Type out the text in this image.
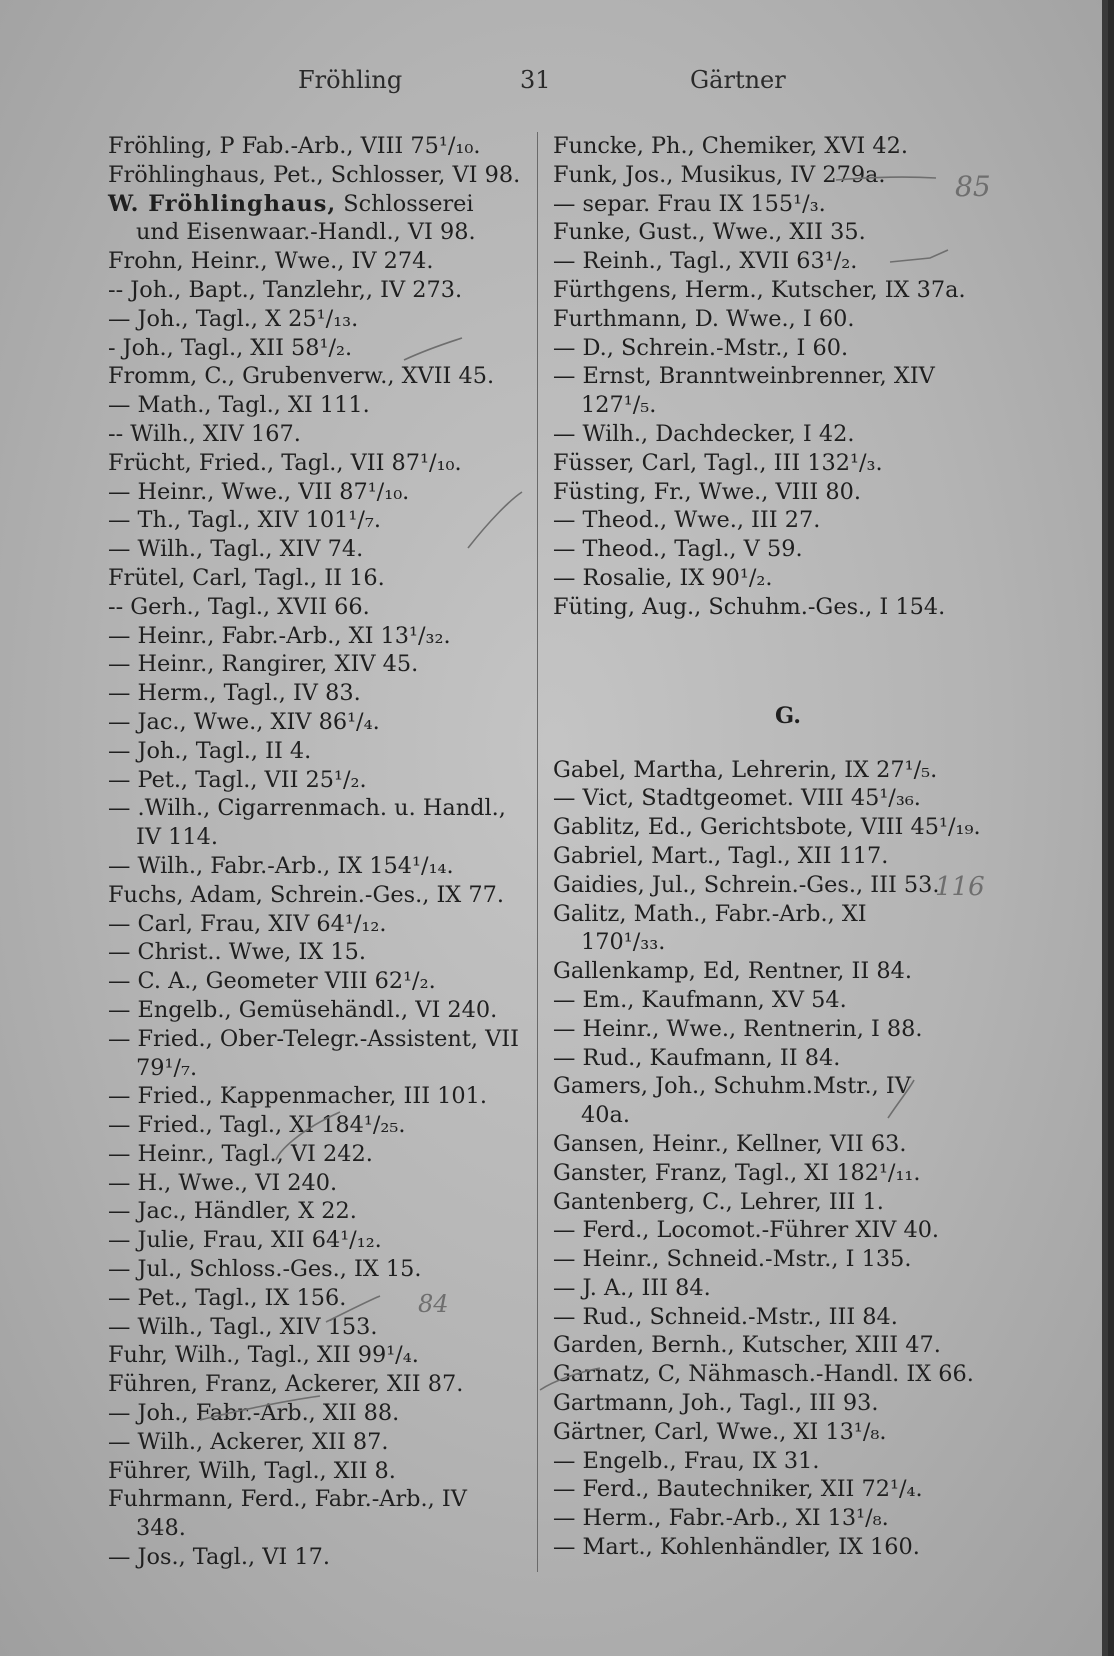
Fröhling	31	Gärtner
Fröhling, P Fab.-Arb., VIII 75¹/₁₀.
Fröhlinghaus, Pet., Schlosser, VI 98.
W. Fröhlinghaus, Schlosserei
und Eisenwaar.-Handl., VI 98.
Frohn, Heinr., Wwe., IV 274.
-- Joh., Bapt., Tanzlehr,, IV 273.
— Joh., Tagl., X 25¹/₁₃.
- Joh., Tagl., XII 58¹/₂.
Fromm, C., Grubenverw., XVII 45.
— Math., Tagl., XI 111.
-- Wilh., XIV 167.
Frücht, Fried., Tagl., VII 87¹/₁₀.
— Heinr., Wwe., VII 87¹/₁₀.
— Th., Tagl., XIV 101¹/₇.
— Wilh., Tagl., XIV 74.
Frütel, Carl, Tagl., II 16.
-- Gerh., Tagl., XVII 66.
— Heinr., Fabr.-Arb., XI 13¹/₃₂.
— Heinr., Rangirer, XIV 45.
— Herm., Tagl., IV 83.
— Jac., Wwe., XIV 86¹/₄.
— Joh., Tagl., II 4.
— Pet., Tagl., VII 25¹/₂.
— .Wilh., Cigarrenmach. u. Handl.,
IV 114.
— Wilh., Fabr.-Arb., IX 154¹/₁₄.
Fuchs, Adam, Schrein.-Ges., IX 77.
— Carl, Frau, XIV 64¹/₁₂.
— Christ.. Wwe, IX 15.
— C. A., Geometer VIII 62¹/₂.
— Engelb., Gemüsehändl., VI 240.
— Fried., Ober-Telegr.-Assistent, VII
79¹/₇.
— Fried., Kappenmacher, III 101.
— Fried., Tagl., XI 184¹/₂₅.
— Heinr., Tagl., VI 242.
— H., Wwe., VI 240.
— Jac., Händler, X 22.
— Julie, Frau, XII 64¹/₁₂.
— Jul., Schloss.-Ges., IX 15.
— Pet., Tagl., IX 156.
— Wilh., Tagl., XIV 153.
Fuhr, Wilh., Tagl., XII 99¹/₄.
Führen, Franz, Ackerer, XII 87.
— Joh., Fabr.-Arb., XII 88.
— Wilh., Ackerer, XII 87.
Führer, Wilh, Tagl., XII 8.
Fuhrmann, Ferd., Fabr.-Arb., IV
348.
— Jos., Tagl., VI 17.
Funcke, Ph., Chemiker, XVI 42.
Funk, Jos., Musikus, IV 279a.
— separ. Frau IX 155¹/₃.
Funke, Gust., Wwe., XII 35.
— Reinh., Tagl., XVII 63¹/₂.
Fürthgens, Herm., Kutscher, IX 37a.
Furthmann, D. Wwe., I 60.
— D., Schrein.-Mstr., I 60.
— Ernst, Branntweinbrenner, XIV
127¹/₅.
— Wilh., Dachdecker, I 42.
Füsser, Carl, Tagl., III 132¹/₃.
Füsting, Fr., Wwe., VIII 80.
— Theod., Wwe., III 27.
— Theod., Tagl., V 59.
— Rosalie, IX 90¹/₂.
Füting, Aug., Schuhm.-Ges., I 154.
G.
Gabel, Martha, Lehrerin, IX 27¹/₅.
— Vict, Stadtgeomet. VIII 45¹/₃₆.
Gablitz, Ed., Gerichtsbote, VIII 45¹/₁₉.
Gabriel, Mart., Tagl., XII 117.
Gaidies, Jul., Schrein.-Ges., III 53.
Galitz, Math., Fabr.-Arb., XI
170¹/₃₃.
Gallenkamp, Ed, Rentner, II 84.
— Em., Kaufmann, XV 54.
— Heinr., Wwe., Rentnerin, I 88.
— Rud., Kaufmann, II 84.
Gamers, Joh., Schuhm.Mstr., IV
40a.
Gansen, Heinr., Kellner, VII 63.
Ganster, Franz, Tagl., XI 182¹/₁₁.
Gantenberg, C., Lehrer, III 1.
— Ferd., Locomot.-Führer XIV 40.
— Heinr., Schneid.-Mstr., I 135.
— J. A., III 84.
— Rud., Schneid.-Mstr., III 84.
Garden, Bernh., Kutscher, XIII 47.
Garnatz, C, Nähmasch.-Handl. IX 66.
Gartmann, Joh., Tagl., III 93.
Gärtner, Carl, Wwe., XI 13¹/₈.
— Engelb., Frau, IX 31.
— Ferd., Bautechniker, XII 72¹/₄.
— Herm., Fabr.-Arb., XI 13¹/₈.
— Mart., Kohlenhändler, IX 160.
85
116
84
